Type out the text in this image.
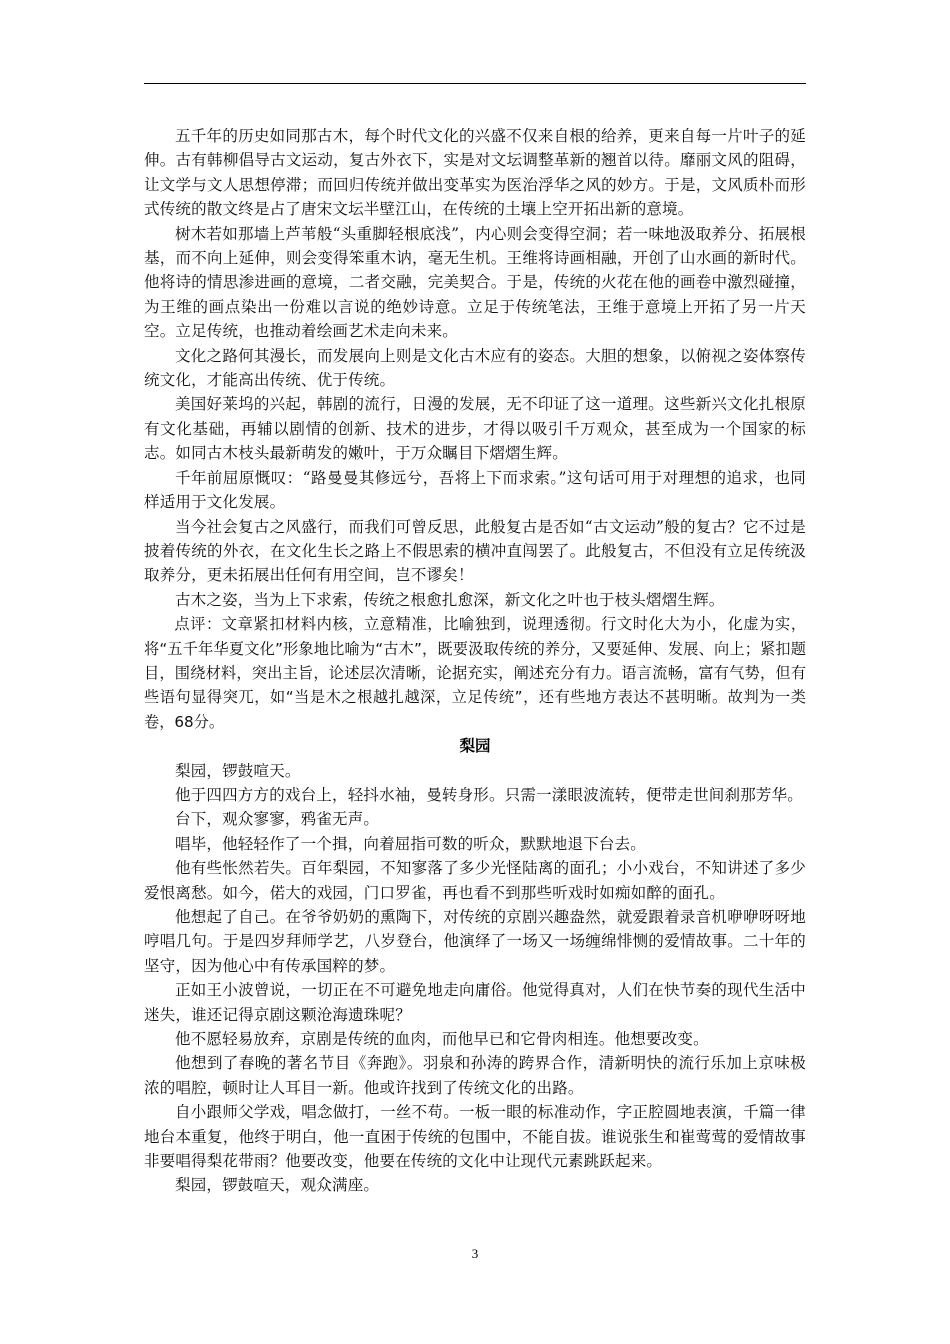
五千年的历史如同那古木，每个时代文化的兴盛不仅来自根的给养，更来自每一片叶子的延伸。古有韩柳倡导古文运动，复古外衣下，实是对文坛调整革新的翘首以待。靡丽文风的阻碍，让文学与文人思想停滞；而回归传统并做出变革实为医治浮华之风的妙方。于是，文风质朴而形式传统的散文终是占了唐宋文坛半壁江山，在传统的土壤上空开拓出新的意境。

树木若如那墙上芦苇般“头重脚轻根底浅”，内心则会变得空洞；若一味地汲取养分、拓展根基，而不向上延伸，则会变得笨重木讷，毫无生机。王维将诗画相融，开创了山水画的新时代。他将诗的情思渗进画的意境，二者交融，完美契合。于是，传统的火花在他的画卷中激烈碰撞，为王维的画点染出一份难以言说的绝妙诗意。立足于传统笔法，王维于意境上开拓了另一片天空。立足传统，也推动着绘画艺术走向未来。

文化之路何其漫长，而发展向上则是文化古木应有的姿态。大胆的想象，以俯视之姿体察传统文化，才能高出传统、优于传统。

美国好莱坞的兴起，韩剧的流行，日漫的发展，无不印证了这一道理。这些新兴文化扎根原有文化基础，再辅以剧情的创新、技术的进步，才得以吸引千万观众，甚至成为一个国家的标志。如同古木枝头最新萌发的嫩叶，于万众瞩目下熠熠生辉。

千年前屈原慨叹：“路曼曼其修远兮，吾将上下而求索。”这句话可用于对理想的追求，也同样适用于文化发展。

当今社会复古之风盛行，而我们可曾反思，此般复古是否如“古文运动”般的复古？它不过是披着传统的外衣，在文化生长之路上不假思索的横冲直闯罢了。此般复古，不但没有立足传统汲取养分，更未拓展出任何有用空间，岂不谬矣！

古木之姿，当为上下求索，传统之根愈扎愈深，新文化之叶也于枝头熠熠生辉。

点评：文章紧扣材料内核，立意精准，比喻独到，说理透彻。行文时化大为小，化虚为实，将“五千年华夏文化”形象地比喻为“古木”，既要汲取传统的养分，又要延伸、发展、向上；紧扣题目，围绕材料，突出主旨，论述层次清晰，论据充实，阐述充分有力。语言流畅，富有气势，但有些语句显得突兀，如“当是木之根越扎越深，立足传统”，还有些地方表达不甚明晰。故判为一类卷，68分。

梨园

梨园，锣鼓喧天。

他于四四方方的戏台上，轻抖水袖，曼转身形。只需一漾眼波流转，便带走世间刹那芳华。

台下，观众寥寥，鸦雀无声。

唱毕，他轻轻作了一个揖，向着屈指可数的听众，默默地退下台去。

他有些怅然若失。百年梨园，不知寥落了多少光怪陆离的面孔；小小戏台，不知讲述了多少爱恨离愁。如今，偌大的戏园，门口罗雀，再也看不到那些听戏时如痴如醉的面孔。

他想起了自己。在爷爷奶奶的熏陶下，对传统的京剧兴趣盎然，就爱跟着录音机咿咿呀呀地哼唱几句。于是四岁拜师学艺，八岁登台，他演绎了一场又一场缠绵悱恻的爱情故事。二十年的坚守，因为他心中有传承国粹的梦。

正如王小波曾说，一切正在不可避免地走向庸俗。他觉得真对，人们在快节奏的现代生活中迷失，谁还记得京剧这颗沧海遗珠呢？

他不愿轻易放弃，京剧是传统的血肉，而他早已和它骨肉相连。他想要改变。

他想到了春晚的著名节目《奔跑》。羽泉和孙涛的跨界合作，清新明快的流行乐加上京味极浓的唱腔，顿时让人耳目一新。他或许找到了传统文化的出路。

自小跟师父学戏，唱念做打，一丝不苟。一板一眼的标准动作，字正腔圆地表演，千篇一律地台本重复，他终于明白，他一直困于传统的包围中，不能自拔。谁说张生和崔莺莺的爱情故事非要唱得梨花带雨？他要改变，他要在传统的文化中让现代元素跳跃起来。

梨园，锣鼓喧天，观众满座。

3
